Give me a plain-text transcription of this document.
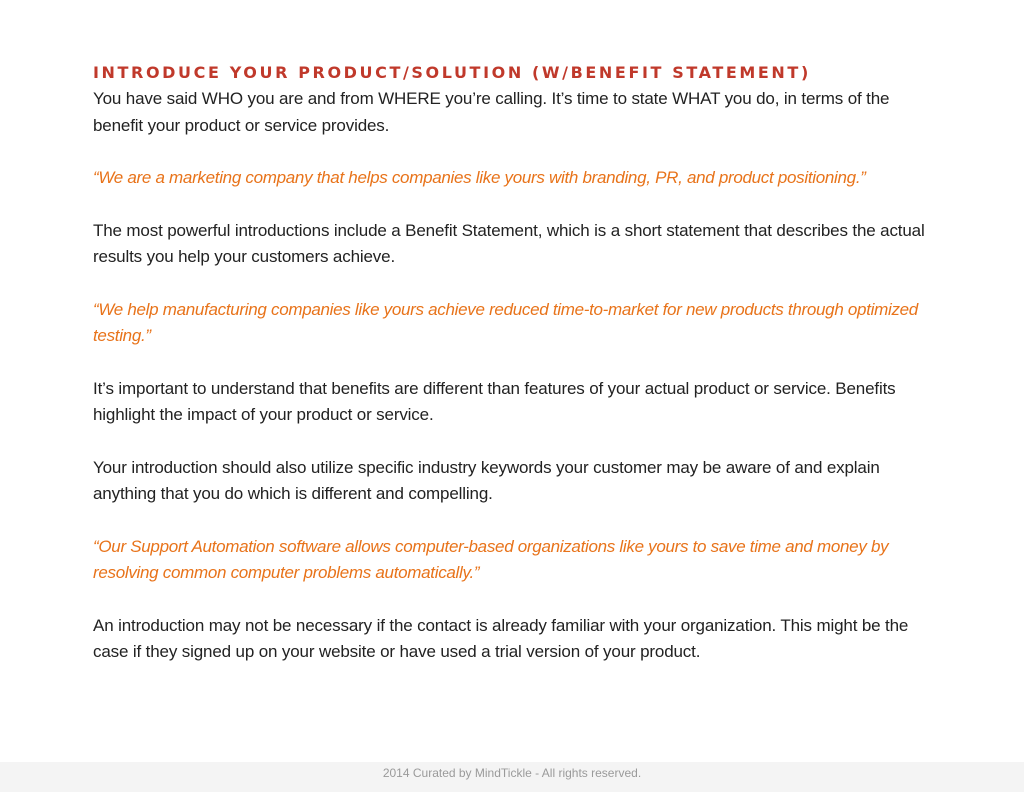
INTRODUCE YOUR PRODUCT/SOLUTION (W/BENEFIT STATEMENT)

You have said WHO you are and from WHERE you’re calling. It’s time to state WHAT you do, in terms of the benefit your product or service provides.

“We are a marketing company that helps companies like yours with branding, PR, and product positioning.”

The most powerful introductions include a Benefit Statement, which is a short statement that describes the actual results you help your customers achieve.

“We help manufacturing companies like yours achieve reduced time-to-market for new products through optimized testing.”

It’s important to understand that benefits are different than features of your actual product or service. Benefits highlight the impact of your product or service.

Your introduction should also utilize specific industry keywords your customer may be aware of and explain anything that you do which is different and compelling.

“Our Support Automation software allows computer-based organizations like yours to save time and money by resolving common computer problems automatically.”

An introduction may not be necessary if the contact is already familiar with your organization. This might be the case if they signed up on your website or have used a trial version of your product.

2014 Curated by MindTickle - All rights reserved.
